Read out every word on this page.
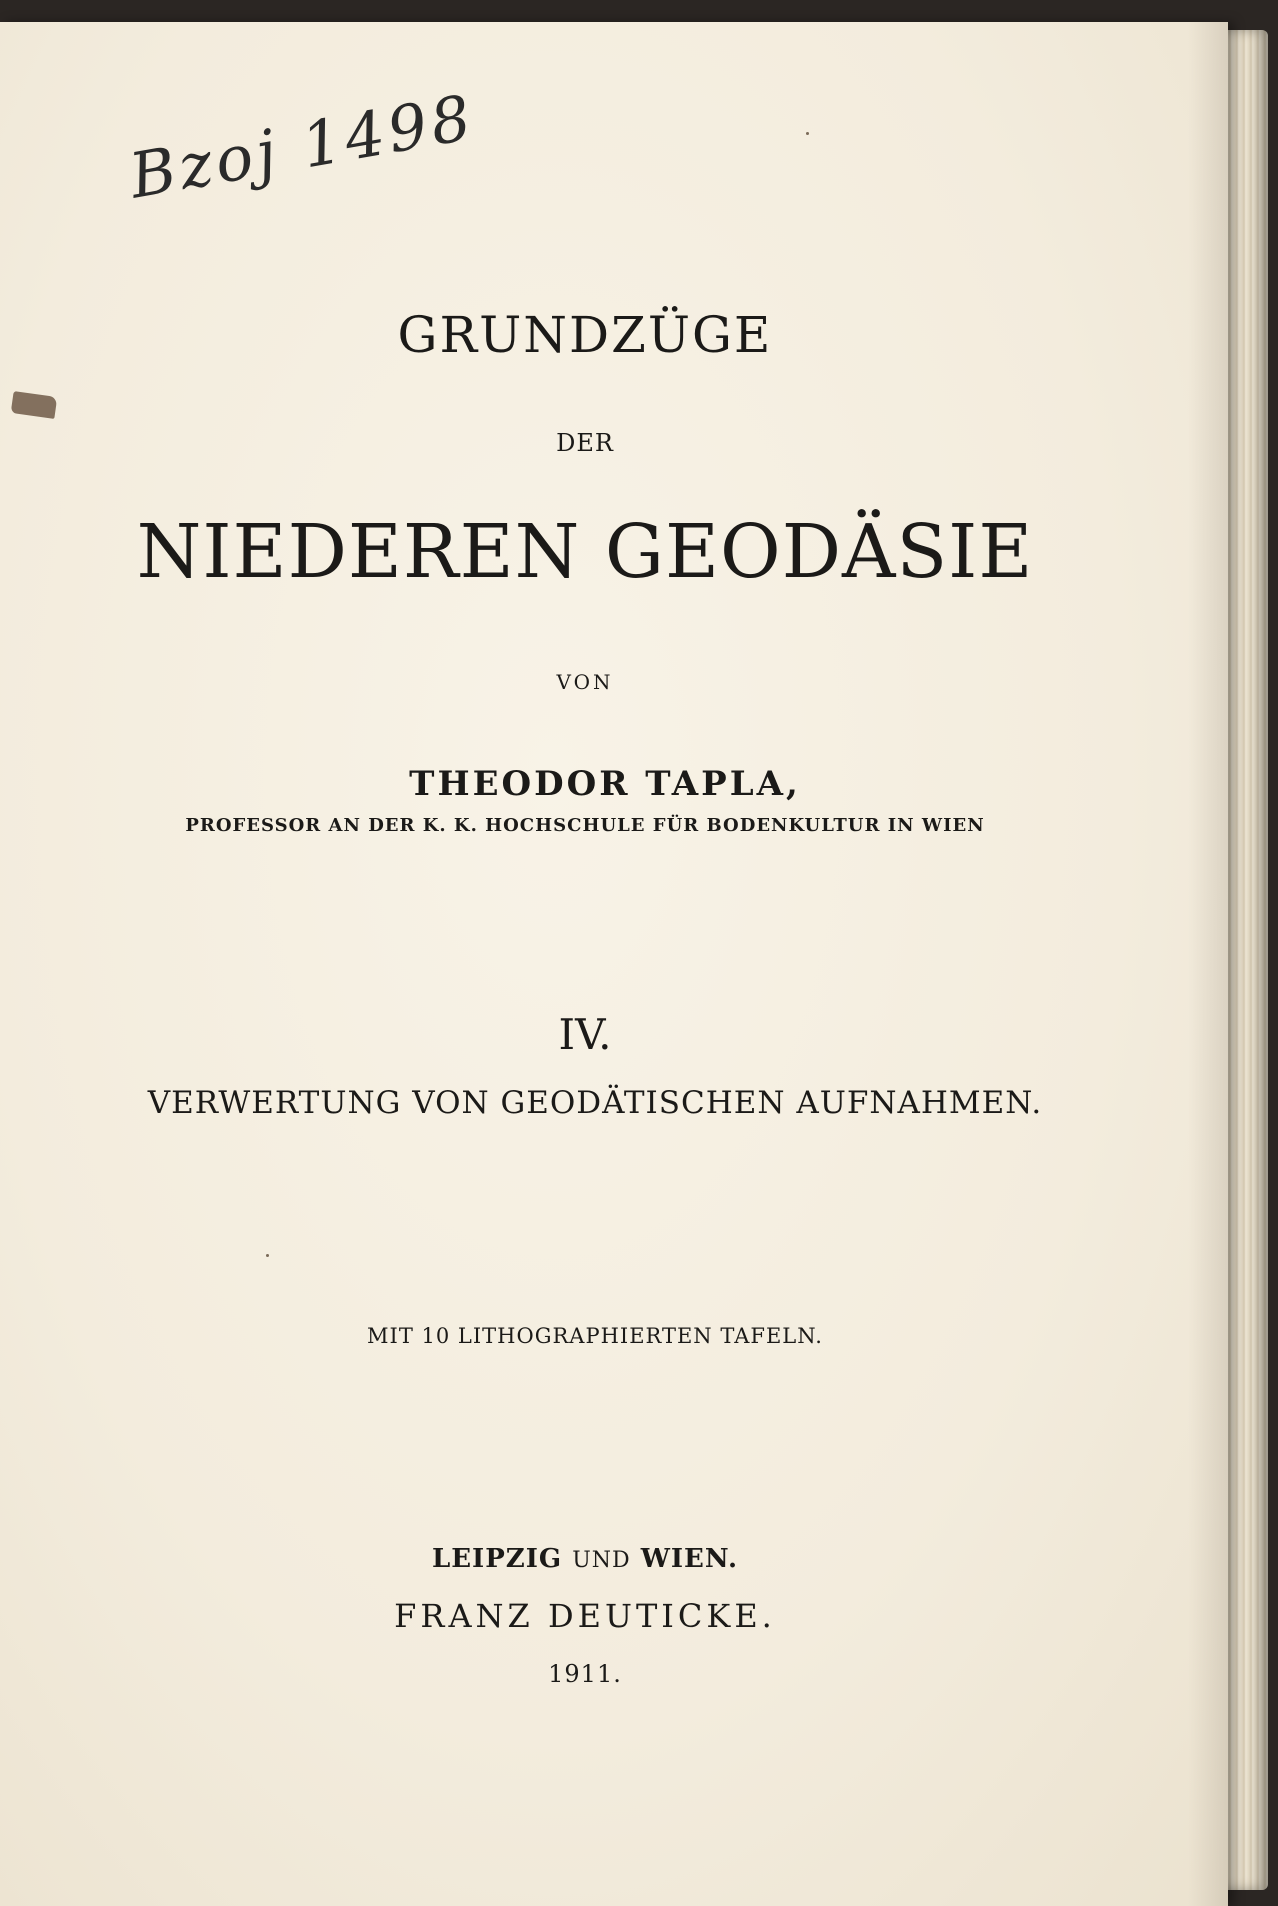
Bzoj 1498
GRUNDZÜGE
DER
NIEDEREN GEODÄSIE
VON
THEODOR TAPLA,
PROFESSOR AN DER K. K. HOCHSCHULE FÜR BODENKULTUR IN WIEN
IV.
VERWERTUNG VON GEODÄTISCHEN AUFNAHMEN.
MIT 10 LITHOGRAPHIERTEN TAFELN.
LEIPZIG UND WIEN.
FRANZ DEUTICKE.
1911.
